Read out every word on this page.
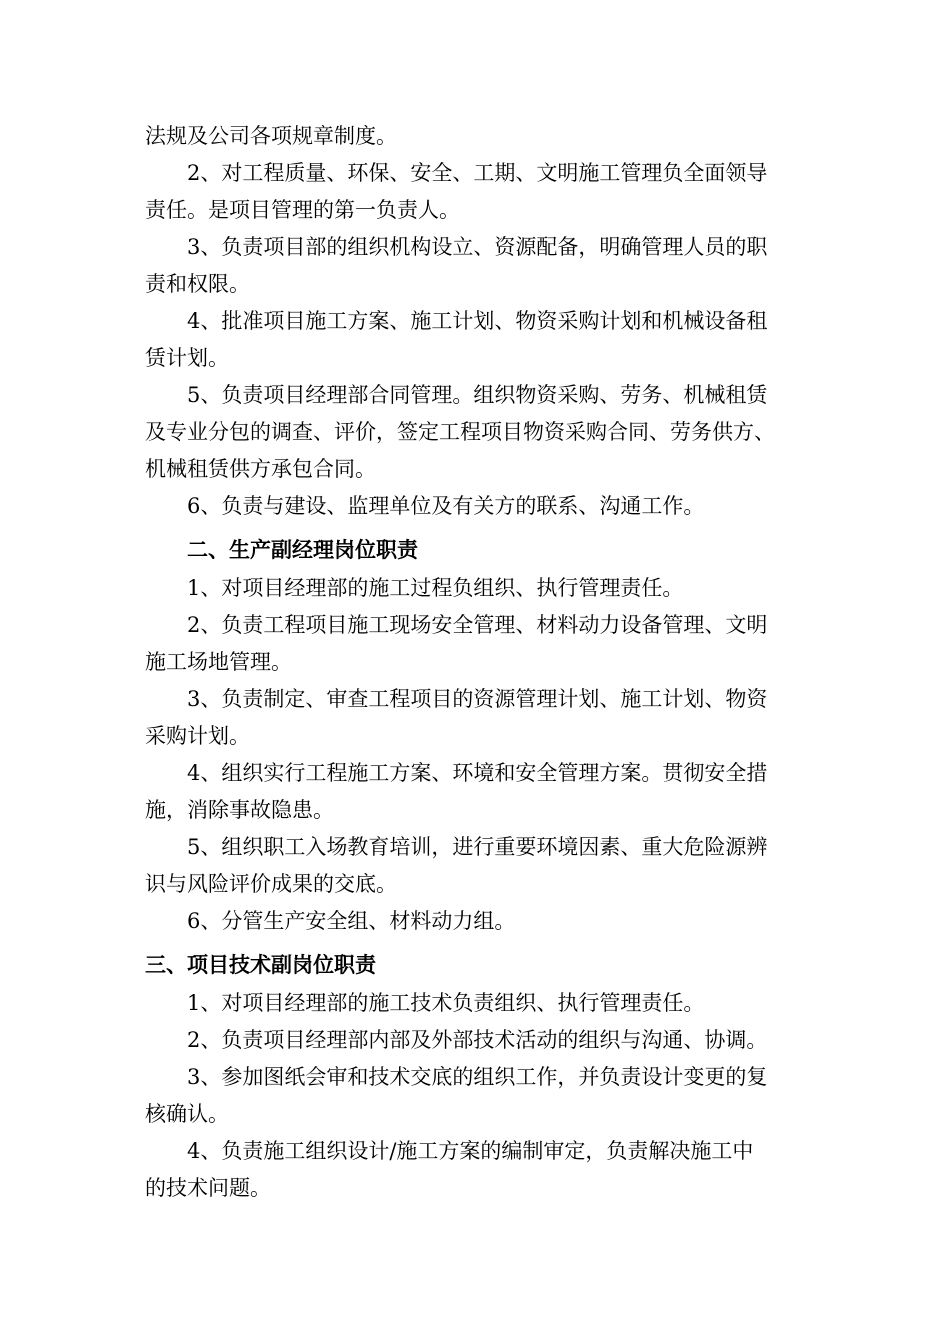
法规及公司各项规章制度。
2、对工程质量、环保、安全、工期、文明施工管理负全面领导
责任。是项目管理的第一负责人。
3、负责项目部的组织机构设立、资源配备，明确管理人员的职
责和权限。
4、批准项目施工方案、施工计划、物资采购计划和机械设备租
赁计划。
5、负责项目经理部合同管理。组织物资采购、劳务、机械租赁
及专业分包的调查、评价，签定工程项目物资采购合同、劳务供方、
机械租赁供方承包合同。
6、负责与建设、监理单位及有关方的联系、沟通工作。
二、生产副经理岗位职责
1、对项目经理部的施工过程负组织、执行管理责任。
2、负责工程项目施工现场安全管理、材料动力设备管理、文明
施工场地管理。
3、负责制定、审查工程项目的资源管理计划、施工计划、物资
采购计划。
4、组织实行工程施工方案、环境和安全管理方案。贯彻安全措
施，消除事故隐患。
5、组织职工入场教育培训，进行重要环境因素、重大危险源辨
识与风险评价成果的交底。
6、分管生产安全组、材料动力组。
三、项目技术副岗位职责
1、对项目经理部的施工技术负责组织、执行管理责任。
2、负责项目经理部内部及外部技术活动的组织与沟通、协调。
3、参加图纸会审和技术交底的组织工作，并负责设计变更的复
核确认。
4、负责施工组织设计/施工方案的编制审定，负责解决施工中
的技术问题。
